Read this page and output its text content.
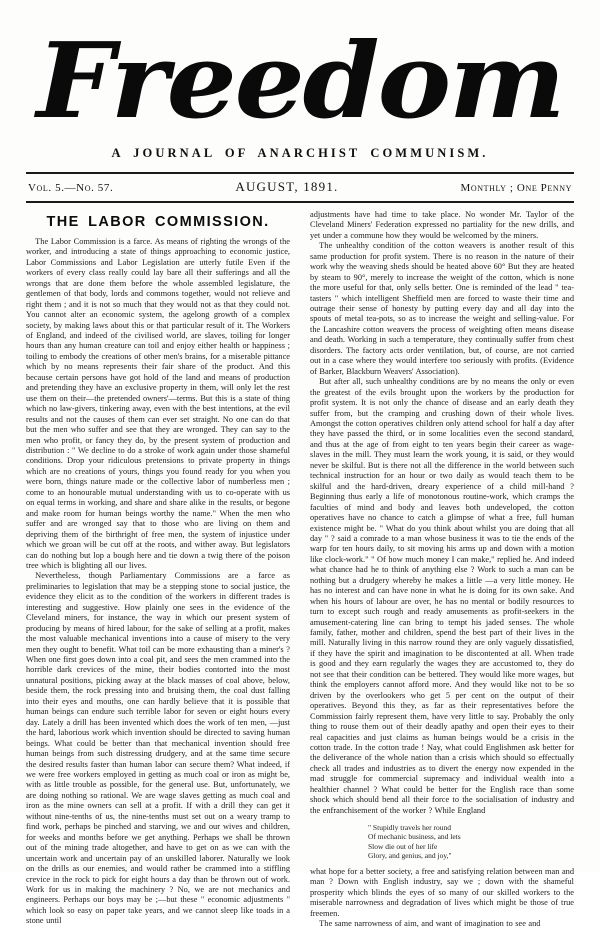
Freedom
A JOURNAL OF ANARCHIST COMMUNISM.
Vol. 5.—No. 57.	AUGUST, 1891.	Monthly ; One Penny
THE LABOR COMMISSION.

The Labor Commission is a farce. As means of righting the wrongs of the worker, and introducing a state of things approaching to economic justice, Labor Commissions and Labor Legislation are utterly futile Even if the workers of every class really could lay bare all their sufferings and all the wrongs that are done them before the whole assembled legislature, the gentlemen of that body, lords and commons together, would not relieve and right them ; and it is not so much that they would not as that they could not. You cannot alter an economic system, the agelong growth of a complex society, by making laws about this or that particular result of it. The Workers of England, and indeed of the civilised world, are slaves, toiling for longer hours than any human creature can toil and enjoy either health or happiness ; toiling to embody the creations of other men's brains, for a miserable pittance which by no means represents their fair share of the product. And this because certain persons have got hold of the land and means of production and pretending they have an exclusive property in them, will only let the rest use them on their—the pretended owners'—terms. But this is a state of thing which no law-givers, tinkering away, even with the best intentions, at the evil results and not the causes of them can ever set straight. No one can do that but the men who suffer and see that they are wronged. They can say to the men who profit, or fancy they do, by the present system of production and distribution : " We decline to do a stroke of work again under those shameful conditions. Drop your ridiculous pretensions to private property in things which are no creations of yours, things you found ready for you when you were born, things nature made or the collective labor of numberless men ; come to an honourable mutual understanding with us to co-operate with us on equal terms in working, and share and share alike in the results, or begone and make room for human beings worthy the name." When the men who suffer and are wronged say that to those who are living on them and depriving them of the birthright of free men, the system of injustice under which we groan will be cut off at the roots, and wither away. But legislators can do nothing but lop a bough here and tie down a twig there of the poison tree which is blighting all our lives.

Nevertheless, though Parliamentary Commissions are a farce as preliminaries to legislation that may be a stepping stone to social justice, the evidence they elicit as to the condition of the workers in different trades is interesting and suggestive. How plainly one sees in the evidence of the Cleveland miners, for instance, the way in which our present system of producing by means of hired labour, for the sake of selling at a profit, makes the most valuable mechanical inventions into a cause of misery to the very men they ought to benefit. What toil can be more exhausting than a miner's ? When one first goes down into a coal pit, and sees the men crammed into the horrible dark crevices of the mine, their bodies contorted into the most unnatural positions, picking away at the black masses of coal above, below, beside them, the rock pressing into and bruising them, the coal dust falling into their eyes and mouths, one can hardly believe that it is possible that human beings can endure such terrible labor for seven or eight hours every day. Lately a drill has been invented which does the work of ten men, —just the hard, laborious work which invention should be directed to saving human beings. What could be better than that mechanical invention should free human beings from such distressing drudgery, and at the same time secure the desired results faster than human labor can secure them? What indeed, if we were free workers employed in getting as much coal or iron as might be, with as little trouble as possible, for the general use. But, unfortunately, we are doing nothing so rational. We are wage slaves getting as much coal and iron as the mine owners can sell at a profit. If with a drill they can get it without nine-tenths of us, the nine-tenths must set out on a weary tramp to find work, perhaps be pinched and starving, we and our wives and children, for weeks and months before we get anything. Perhaps we shall be thrown out of the mining trade altogether, and have to get on as we can with the uncertain work and uncertain pay of an unskilled laborer. Naturally we look on the drills as our enemies, and would rather be crammed into a stiffling crevice in the rock to pick for eight hours a day than be thrown out of work. Work for us in making the machinery ? No, we are not mechanics and engineers. Perhaps our boys may be ;—but these " economic adjustments " which look so easy on paper take years, and we cannot sleep like toads in a stone until

adjustments have had time to take place. No wonder Mr. Taylor of the Cleveland Miners' Federation expressed no partiality for the new drills, and yet under a commune how they would be welcomed by the miners.

The unhealthy condition of the cotton weavers is another result of this same production for profit system. There is no reason in the nature of their work why the weaving sheds should be heated above 60° But they are heated by steam to 90°, merely to increase the weight of the cotton, which is none the more useful for that, only sells better. One is reminded of the lead " tea-tasters " which intelligent Sheffield men are forced to waste their time and outrage their sense of honesty by putting every day and all day into the spouts of metal tea-pots, so as to increase the weight and selling-value. For the Lancashire cotton weavers the process of weighting often means disease and death. Working in such a temperature, they continually suffer from chest disorders. The factory acts order ventilation, but, of course, are not carried out in a case where they would interfere too seriously with profits. (Evidence of Barker, Blackburn Weavers' Association).

But after all, such unhealthy conditions are by no means the only or even the greatest of the evils brought upon the workers by the production for profit system. It is not only the chance of disease and an early death they suffer from, but the cramping and crushing down of their whole lives. Amongst the cotton operatives children only attend school for half a day after they have passed the third, or in some localities even the second standard, and thus at the age of from eight to ten years begin their career as wage-slaves in the mill. They must learn the work young, it is said, or they would never be skilful. But is there not all the difference in the world between such technical instruction for an hour or two daily as would teach them to be skilful and the hard-driven, dreary experience of a child mill-hand ? Beginning thus early a life of monotonous routine-work, which cramps the faculties of mind and body and leaves both undeveloped, the cotton operatives have no chance to catch a glimpse of what a free, full human existence might be. " What do you think about whilst you are doing that all day " ? said a comrade to a man whose business it was to tie the ends of the warp for ten hours daily, to sit moving his arms up and down with a motion like clock-work." " Of how much money I can make," replied he. And indeed what chance had he to think of anything else ? Work to such a man can be nothing but a drudgery whereby he makes a little —a very little money. He has no interest and can have none in what he is doing for its own sake. And when his hours of labour are over, he has no mental or bodily resources to turn to except such rough and ready amusements as profit-seekers in the amusement-catering line can bring to tempt his jaded senses. The whole family, father, mother and children, spend the best part of their lives in the mill. Naturally living in this narrow round they are only vaguely dissatisfied, if they have the spirit and imagination to be discontented at all. When trade is good and they earn regularly the wages they are accustomed to, they do not see that their condition can be bettered. They would like more wages, but think the employers cannot afford more. And they would like not to be so driven by the overlookers who get 5 per cent on the output of their operatives. Beyond this they, as far as their representatives before the Commission fairly represent them, have very little to say. Probably the only thing to rouse them out of their deadly apathy and open their eyes to their real capacities and just claims as human beings would be a crisis in the cotton trade. In the cotton trade ! Nay, what could Englishmen ask better for the deliverance of the whole nation than a crisis which should so effectually check all trades and industries as to divert the energy now expended in the mad struggle for commercial supremacy and individual wealth into a healthier channel ? What could be better for the English race than some shock which should bend all their force to the socialisation of industry and the enfranchisement of the worker ? While England

" Stupidly travels her round
Of mechanic business, and lets
Slow die out of her life
Glory, and genius, and joy,"

what hope for a better society, a free and satisfying relation between man and man ? Down with English industry, say we ; down with the shameful prosperity which blinds the eyes of so many of our skilled workers to the miserable narrowness and degradation of lives which might be those of true freemen.

The same narrowness of aim, and want of imagination to see and
